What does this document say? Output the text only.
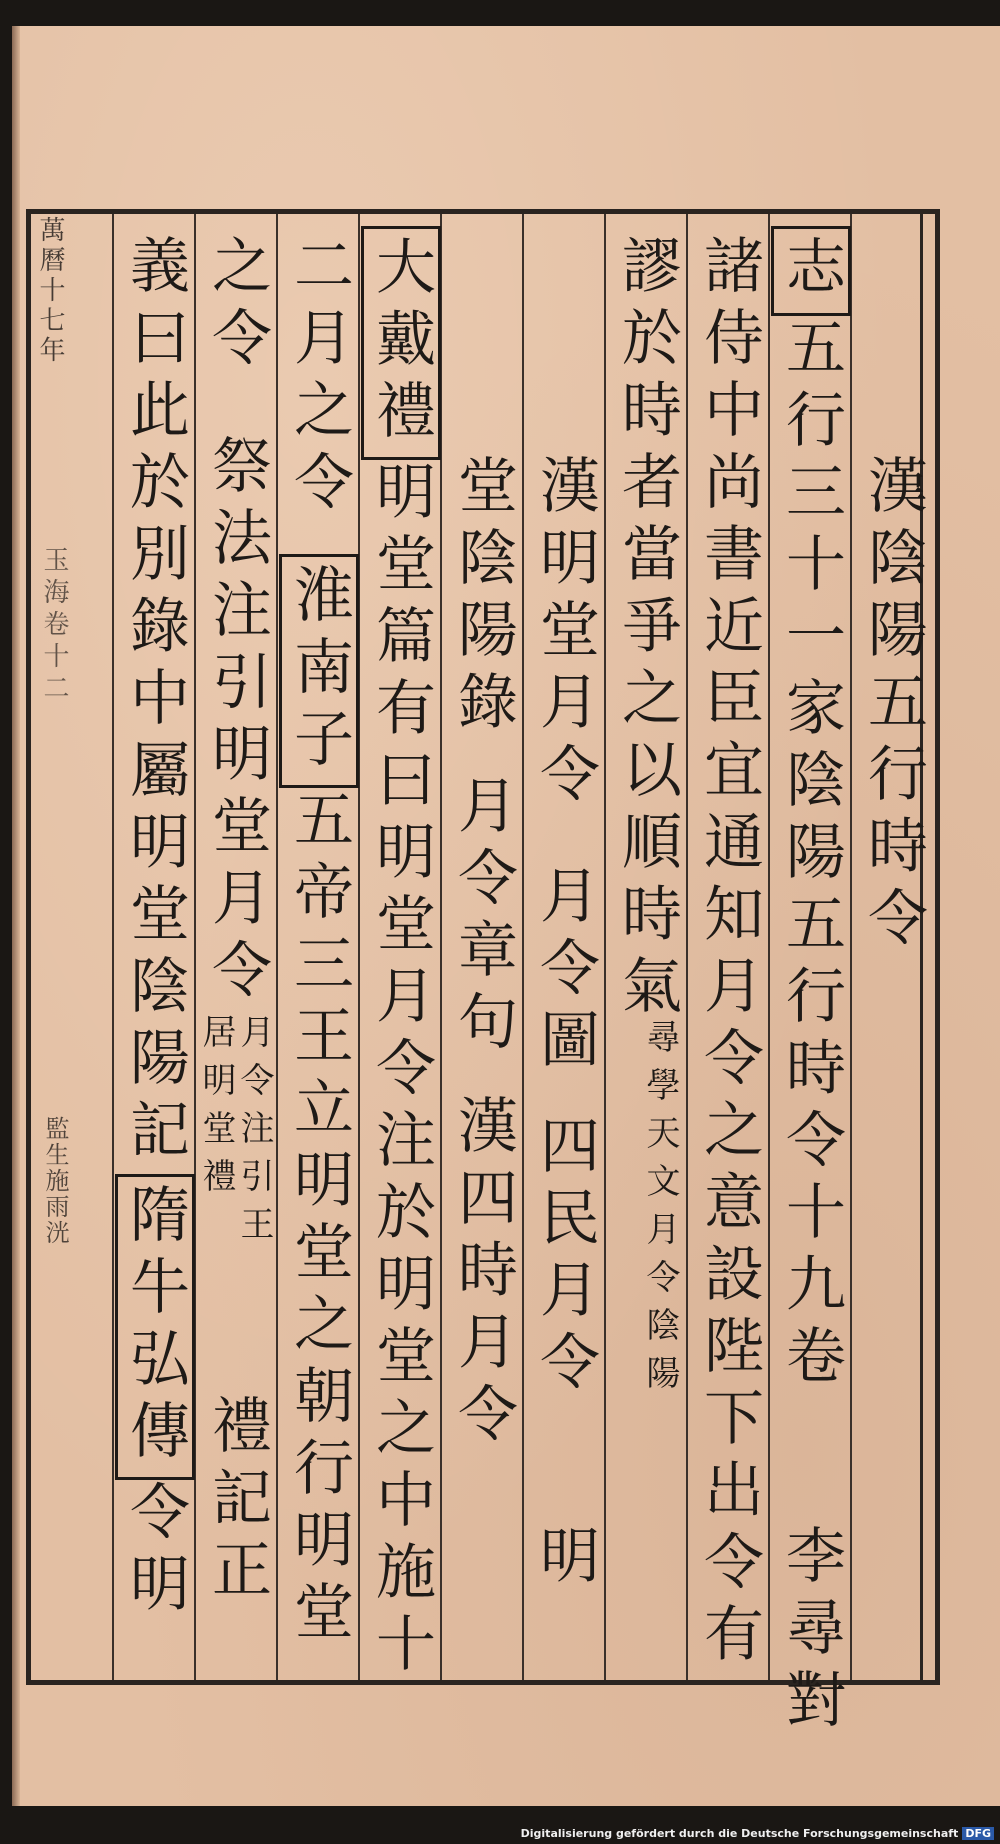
萬曆十七年
玉海卷十二
監生施雨洸
漢陰陽五行時令
志五行三十一家陰陽五行時令十九卷
李尋對
諸侍中尚書近臣宜通知月令之意設陛下出令有
謬於時者當爭之以順時氣
尋學天文月令陰陽
漢明堂月令
月令圖
四民月令
明
堂陰陽錄
月令章句
漢四時月令
大戴禮明堂篇有曰明堂月令注於明堂之中施十
二月之令
淮南子五帝三王立明堂之朝行明堂
之令
祭法注引明堂月令
月令注引王
居明堂禮
禮記正
義曰此於別錄中屬明堂陰陽記
隋牛弘傳令明
Digitalisierung gefördert durch die Deutsche Forschungsgemeinschaft DFG
